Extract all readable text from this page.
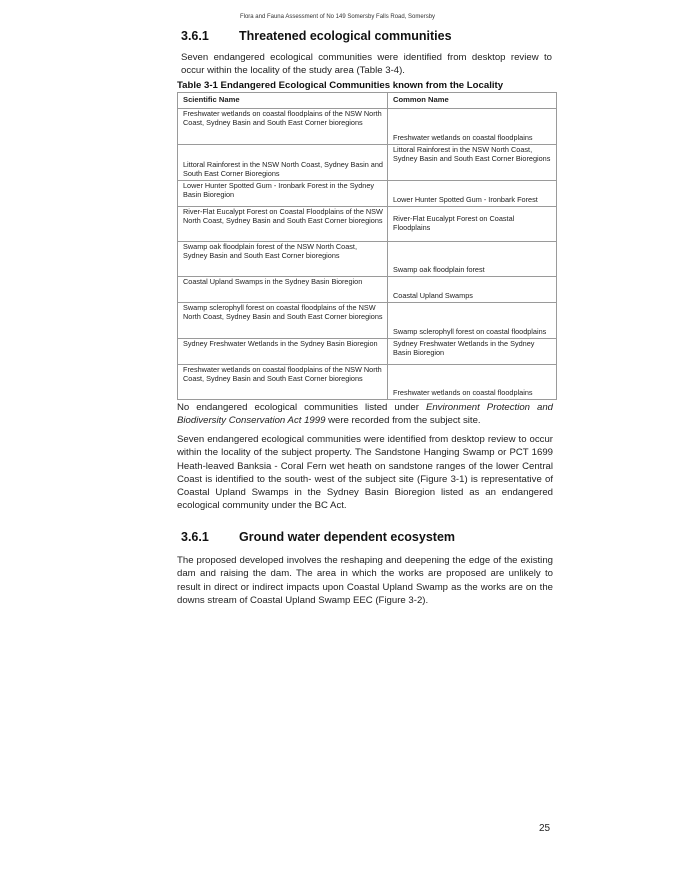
Flora and Fauna Assessment of No 149 Somersby Falls Road, Somersby
3.6.1 Threatened ecological communities
Seven endangered ecological communities were identified from desktop review to occur within the locality of the study area (Table 3-4).
Table 3-1 Endangered Ecological Communities known from the Locality
Scientific Name	Common Name
Freshwater wetlands on coastal floodplains of the NSW North Coast, Sydney Basin and South East Corner bioregions	Freshwater wetlands on coastal floodplains
Littoral Rainforest in the NSW North Coast, Sydney Basin and South East Corner Bioregions	Littoral Rainforest in the NSW North Coast, Sydney Basin and South East Corner Bioregions
Lower Hunter Spotted Gum - Ironbark Forest in the Sydney Basin Bioregion	Lower Hunter Spotted Gum - Ironbark Forest
River-Flat Eucalypt Forest on Coastal Floodplains of the NSW North Coast, Sydney Basin and South East Corner bioregions	River-Flat Eucalypt Forest on Coastal Floodplains
Swamp oak floodplain forest of the NSW North Coast, Sydney Basin and South East Corner bioregions	Swamp oak floodplain forest
Coastal Upland Swamps in the Sydney Basin Bioregion	Coastal Upland Swamps
Swamp sclerophyll forest on coastal floodplains of the NSW North Coast, Sydney Basin and South East Corner bioregions	Swamp sclerophyll forest on coastal floodplains
Sydney Freshwater Wetlands in the Sydney Basin Bioregion	Sydney Freshwater Wetlands in the Sydney Basin Bioregion
Freshwater wetlands on coastal floodplains of the NSW North Coast, Sydney Basin and South East Corner bioregions	Freshwater wetlands on coastal floodplains
No endangered ecological communities listed under Environment Protection and Biodiversity Conservation Act 1999 were recorded from the subject site.
Seven endangered ecological communities were identified from desktop review to occur within the locality of the subject property. The Sandstone Hanging Swamp or PCT 1699 Heath-leaved Banksia - Coral Fern wet heath on sandstone ranges of the lower Central Coast is identified to the south- west of the subject site (Figure 3-1) is representative of Coastal Upland Swamps in the Sydney Basin Bioregion listed as an endangered ecological community under the BC Act.
3.6.1 Ground water dependent ecosystem
The proposed developed involves the reshaping and deepening the edge of the existing dam and raising the dam. The area in which the works are proposed are unlikely to result in direct or indirect impacts upon Coastal Upland Swamp as the works are on the downs stream of Coastal Upland Swamp EEC (Figure 3-2).
25
